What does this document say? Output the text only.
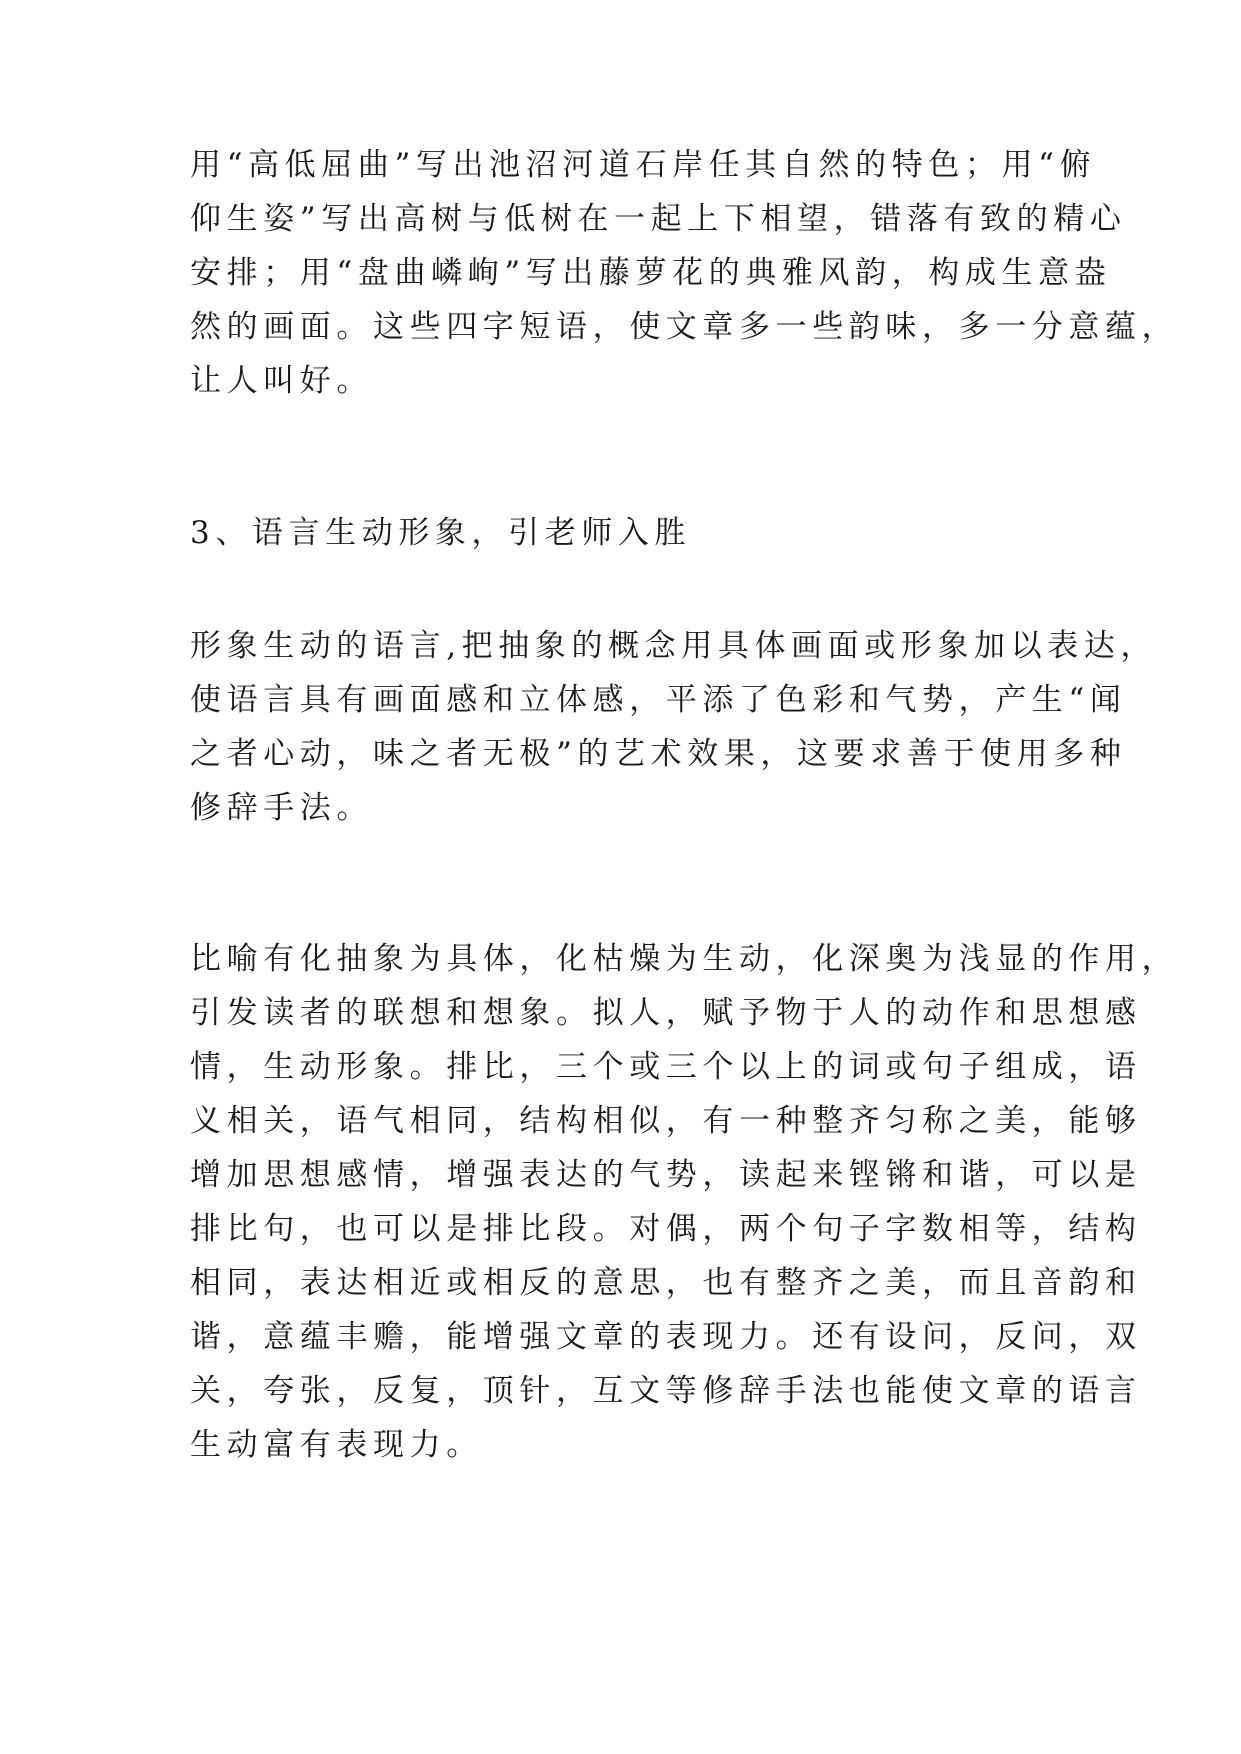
用“高低屈曲”写出池沼河道石岸任其自然的特色；用“俯
仰生姿”写出高树与低树在一起上下相望，错落有致的精心
安排；用“盘曲嶙峋”写出藤萝花的典雅风韵，构成生意盎
然的画面。这些四字短语，使文章多一些韵味，多一分意蕴，
让人叫好。
3、语言生动形象，引老师入胜
形象生动的语言,把抽象的概念用具体画面或形象加以表达，
使语言具有画面感和立体感，平添了色彩和气势，产生“闻
之者心动，味之者无极”的艺术效果，这要求善于使用多种
修辞手法。
比喻有化抽象为具体，化枯燥为生动，化深奥为浅显的作用，
引发读者的联想和想象。拟人，赋予物于人的动作和思想感
情，生动形象。排比，三个或三个以上的词或句子组成，语
义相关，语气相同，结构相似，有一种整齐匀称之美，能够
增加思想感情，增强表达的气势，读起来铿锵和谐，可以是
排比句，也可以是排比段。对偶，两个句子字数相等，结构
相同，表达相近或相反的意思，也有整齐之美，而且音韵和
谐，意蕴丰赡，能增强文章的表现力。还有设问，反问，双
关，夸张，反复，顶针，互文等修辞手法也能使文章的语言
生动富有表现力。
